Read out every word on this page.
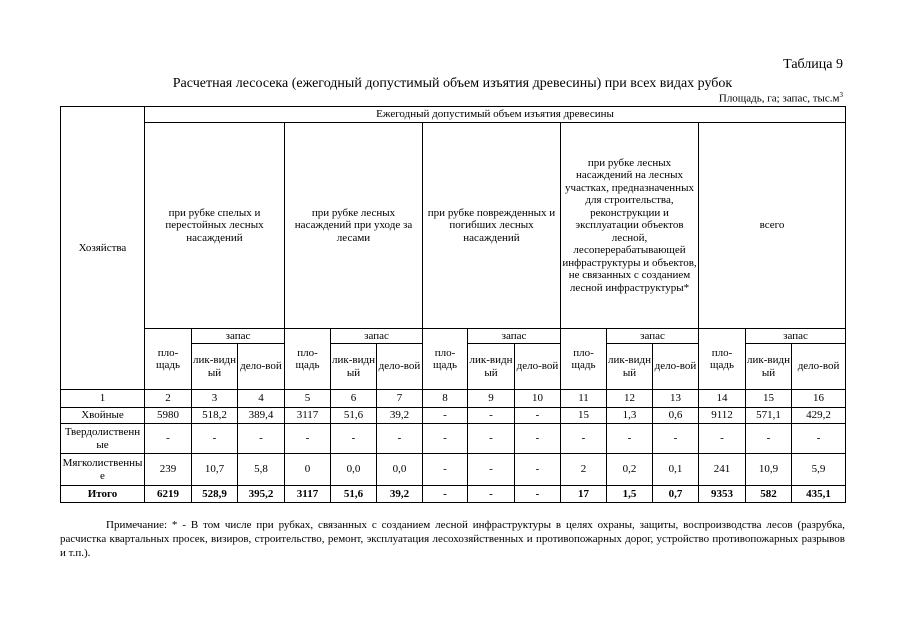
Таблица 9
Расчетная лесосека (ежегодный допустимый объем изъятия древесины) при всех видах рубок
Площадь, га; запас, $тыс.м^3$
Хозяйства	Ежегодный допустимый объем изъятия древесины														
	при рубке спелых и перестойных лесных насаждений			при рубке лесных насаждений при уходе за лесами			при рубке поврежденных и погибших лесных насаждений			при рубке лесных насаждений на лесных участках, предназначенных для строительства, реконструкции и эксплуатации объектов лесной, лесоперерабатывающей инфраструктуры и объектов, не связанных с созданием лесной инфраструктуры*			всего		
	пло-щадь	запас		пло-щадь	запас		пло-щадь	запас		пло-щадь	запас		пло-щадь	запас	
		лик-видн ый	дело-вой		лик-видн ый	дело-вой		лик-видн ый	дело-вой		лик-видн ый	дело-вой		лик-видн ый	дело-вой
1	2	3	4	5	6	7	8	9	10	11	12	13	14	15	16
Хвойные	5980	518,2	389,4	3117	51,6	39,2	-	-	-	15	1,3	0,6	9112	571,1	429,2
Твердолиственные	-	-	-	-	-	-	-	-	-	-	-	-	-	-	-
Мягколиственные	239	10,7	5,8	0	0,0	0,0	-	-	-	2	0,2	0,1	241	10,9	5,9
Итого	6219	528,9	395,2	3117	51,6	39,2	-	-	-	17	1,5	0,7	9353	582	435,1
Примечание: * - В том числе при рубках, связанных с созданием лесной инфраструктуры в целях охраны, защиты, воспроизводства лесов (разрубка, расчистка квартальных просек, визиров, строительство, ремонт, эксплуатация лесохозяйственных и противопожарных дорог, устройство противопожарных разрывов и т.п.).
